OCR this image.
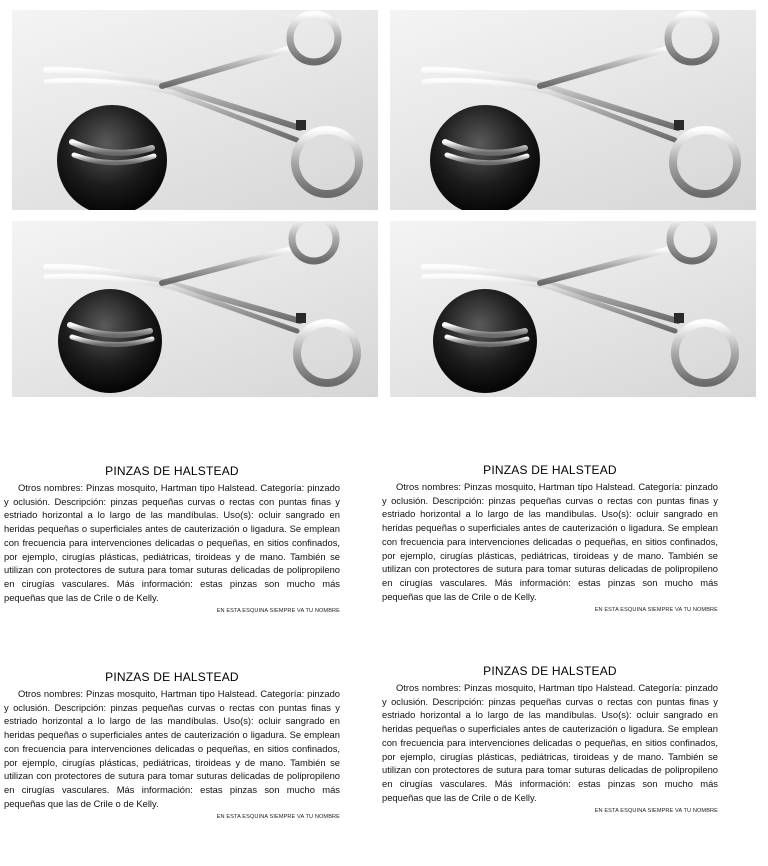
PINZAS DE HALSTEAD

Otros nombres: Pinzas mosquito, Hartman tipo Halstead. Categoría: pinzado y oclusión. Descripción: pinzas pequeñas curvas o rectas con puntas finas y estriado horizontal a lo largo de las mandíbulas. Uso(s): ocluir sangrado en heridas pequeñas o superficiales antes de cauterización o ligadura. Se emplean con frecuencia para intervenciones delicadas o pequeñas, en sitios confinados, por ejemplo, cirugías plásticas, pediátricas, tiroideas y de mano. También se utilizan con protectores de sutura para tomar suturas delicadas de polipropileno en cirugías vasculares. Más información: estas pinzas son mucho más pequeñas que las de Crile o de Kelly.

EN ESTA ESQUINA SIEMPRE VA TU NOMBRE
PINZAS DE HALSTEAD

Otros nombres: Pinzas mosquito, Hartman tipo Halstead. Categoría: pinzado y oclusión. Descripción: pinzas pequeñas curvas o rectas con puntas finas y estriado horizontal a lo largo de las mandíbulas. Uso(s): ocluir sangrado en heridas pequeñas o superficiales antes de cauterización o ligadura. Se emplean con frecuencia para intervenciones delicadas o pequeñas, en sitios confinados, por ejemplo, cirugías plásticas, pediátricas, tiroideas y de mano. También se utilizan con protectores de sutura para tomar suturas delicadas de polipropileno en cirugías vasculares. Más información: estas pinzas son mucho más pequeñas que las de Crile o de Kelly.

EN ESTA ESQUINA SIEMPRE VA TU NOMBRE
PINZAS DE HALSTEAD

Otros nombres: Pinzas mosquito, Hartman tipo Halstead. Categoría: pinzado y oclusión. Descripción: pinzas pequeñas curvas o rectas con puntas finas y estriado horizontal a lo largo de las mandíbulas. Uso(s): ocluir sangrado en heridas pequeñas o superficiales antes de cauterización o ligadura. Se emplean con frecuencia para intervenciones delicadas o pequeñas, en sitios confinados, por ejemplo, cirugías plásticas, pediátricas, tiroideas y de mano. También se utilizan con protectores de sutura para tomar suturas delicadas de polipropileno en cirugías vasculares. Más información: estas pinzas son mucho más pequeñas que las de Crile o de Kelly.

EN ESTA ESQUINA SIEMPRE VA TU NOMBRE
PINZAS DE HALSTEAD

Otros nombres: Pinzas mosquito, Hartman tipo Halstead. Categoría: pinzado y oclusión. Descripción: pinzas pequeñas curvas o rectas con puntas finas y estriado horizontal a lo largo de las mandíbulas. Uso(s): ocluir sangrado en heridas pequeñas o superficiales antes de cauterización o ligadura. Se emplean con frecuencia para intervenciones delicadas o pequeñas, en sitios confinados, por ejemplo, cirugías plásticas, pediátricas, tiroideas y de mano. También se utilizan con protectores de sutura para tomar suturas delicadas de polipropileno en cirugías vasculares. Más información: estas pinzas son mucho más pequeñas que las de Crile o de Kelly.

EN ESTA ESQUINA SIEMPRE VA TU NOMBRE
